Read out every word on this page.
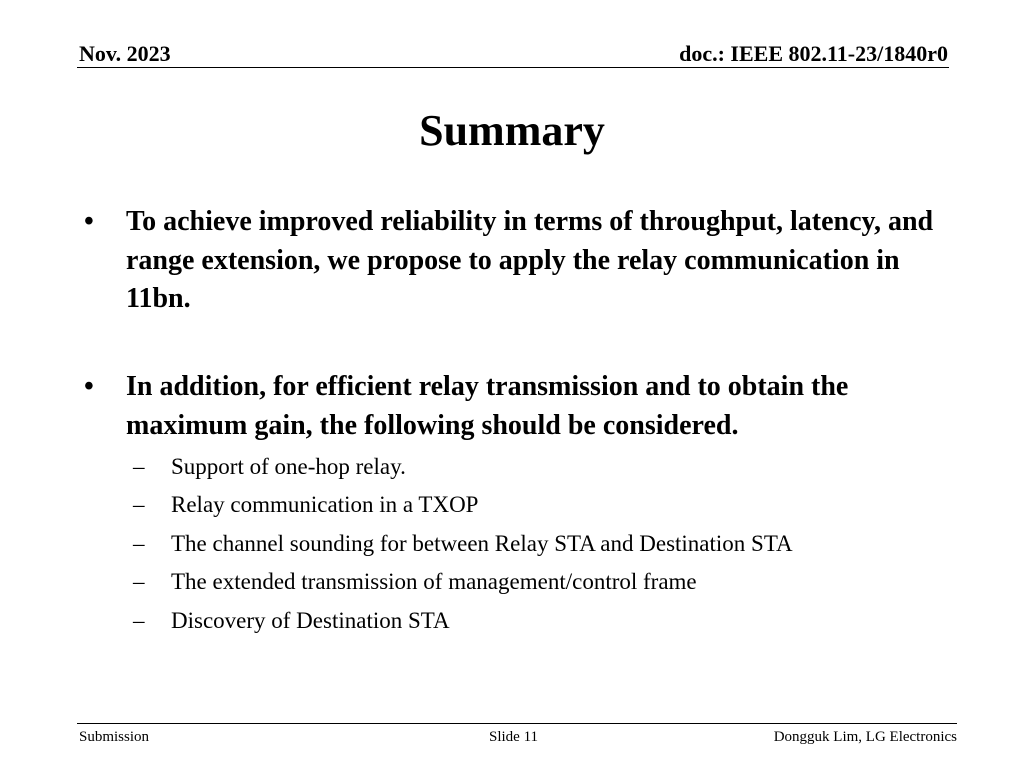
Nov. 2023	doc.: IEEE 802.11-23/1840r0
Summary
• To achieve improved reliability in terms of throughput, latency, and range extension, we propose to apply the relay communication in 11bn.
• In addition, for efficient relay transmission and to obtain the maximum gain, the following should be considered.
– Support of one-hop relay.
– Relay communication in a TXOP
– The channel sounding for between Relay STA and Destination STA
– The extended transmission of management/control frame
– Discovery of Destination STA
Submission	Slide 11	Dongguk Lim, LG Electronics
